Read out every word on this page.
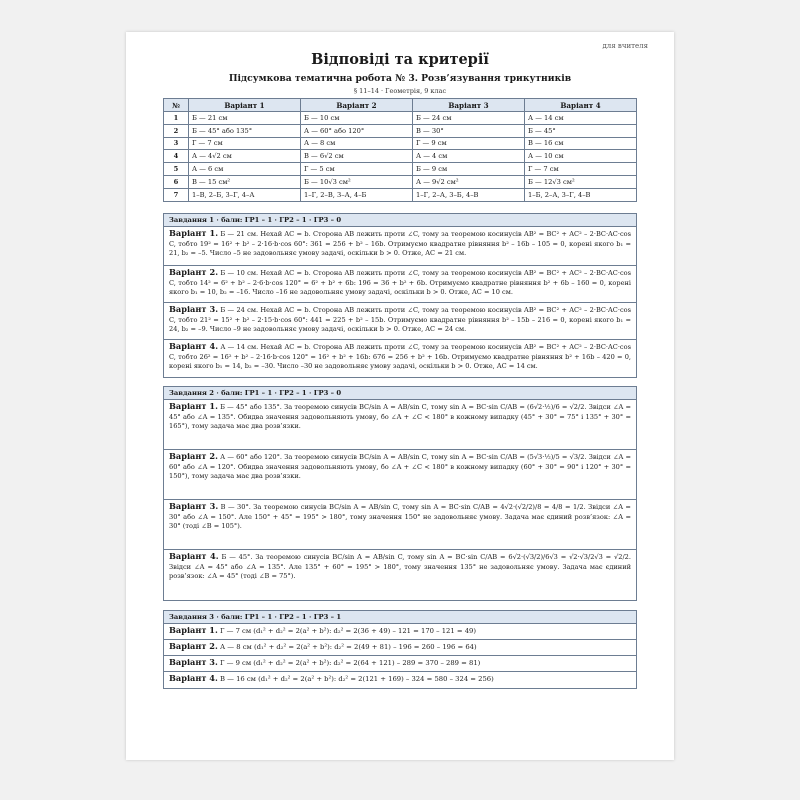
для вчителя
Відповіді та критерії
Підсумкова тематична робота № 3. Розв’язування трикутників
§ 11–14 · Геометрія, 9 клас
№	Варіант 1	Варіант 2	Варіант 3	Варіант 4
1	Б — 21 см	Б — 10 см	Б — 24 см	А — 14 см
2	Б — 45° або 135°	А — 60° або 120°	В — 30°	Б — 45°
3	Г — 7 см	А — 8 см	Г — 9 см	В — 16 см
4	А — 4√2 см	В — 6√2 см	А — 4 см	А — 10 см
5	А — 6 см	Г — 5 см	Б — 9 см	Г — 7 см
6	В — 15 см²	Б — 10√3 см²	А — 9√2 см²	Б — 12√3 см²
7	1–В, 2–Б, 3–Г, 4–А	1–Г, 2–В, 3–А, 4–Б	1–Г, 2–А, 3–Б, 4–В	1–Б, 2–А, 3–Г, 4–В
Завдання 1 · бали: ГР1 – 1 · ГР2 – 1 · ГР3 – 0
Варіант 1. Б — 21 см. Нехай AC = b. Сторона AB лежить проти ∠C, тому за теоремою косинусів AB² = BC² + AC² – 2·BC·AC·cos C, тобто 19² = 16² + b² – 2·16·b·cos 60°: 361 = 256 + b² – 16b. Отримуємо квадратне рівняння b² – 16b – 105 = 0, корені якого b₁ = 21, b₂ = –5. Число –5 не задовольняє умову задачі, оскільки b > 0. Отже, AC = 21 см.
Варіант 2. Б — 10 см. Нехай AC = b. Сторона AB лежить проти ∠C, тому за теоремою косинусів AB² = BC² + AC² – 2·BC·AC·cos C, тобто 14² = 6² + b² – 2·6·b·cos 120° = 6² + b² + 6b: 196 = 36 + b² + 6b. Отримуємо квадратне рівняння b² + 6b – 160 = 0, корені якого b₁ = 10, b₂ = –16. Число –16 не задовольняє умову задачі, оскільки b > 0. Отже, AC = 10 см.
Варіант 3. Б — 24 см. Нехай AC = b. Сторона AB лежить проти ∠C, тому за теоремою косинусів AB² = BC² + AC² – 2·BC·AC·cos C, тобто 21² = 15² + b² – 2·15·b·cos 60°: 441 = 225 + b² – 15b. Отримуємо квадратне рівняння b² – 15b – 216 = 0, корені якого b₁ = 24, b₂ = –9. Число –9 не задовольняє умову задачі, оскільки b > 0. Отже, AC = 24 см.
Варіант 4. А — 14 см. Нехай AC = b. Сторона AB лежить проти ∠C, тому за теоремою косинусів AB² = BC² + AC² – 2·BC·AC·cos C, тобто 26² = 16² + b² – 2·16·b·cos 120° = 16² + b² + 16b: 676 = 256 + b² + 16b. Отримуємо квадратне рівняння b² + 16b – 420 = 0, корені якого b₁ = 14, b₂ = –30. Число –30 не задовольняє умову задачі, оскільки b > 0. Отже, AC = 14 см.
Завдання 2 · бали: ГР1 – 1 · ГР2 – 1 · ГР3 – 0
Варіант 1. Б — 45° або 135°. За теоремою синусів BC/sin A = AB/sin C, тому sin A = BC·sin C/AB = (6√2·½)/6 = √2/2. Звідси ∠A = 45° або ∠A = 135°. Обидва значення задовольняють умову, бо ∠A + ∠C < 180° в кожному випадку (45° + 30° = 75° і 135° + 30° = 165°), тому задача має два розв’язки.
Варіант 2. А — 60° або 120°. За теоремою синусів BC/sin A = AB/sin C, тому sin A = BC·sin C/AB = (5√3·½)/5 = √3/2. Звідси ∠A = 60° або ∠A = 120°. Обидва значення задовольняють умову, бо ∠A + ∠C < 180° в кожному випадку (60° + 30° = 90° і 120° + 30° = 150°), тому задача має два розв’язки.
Варіант 3. В — 30°. За теоремою синусів BC/sin A = AB/sin C, тому sin A = BC·sin C/AB = 4√2·(√2/2)/8 = 4/8 = 1/2. Звідси ∠A = 30° або ∠A = 150°. Але 150° + 45° = 195° > 180°, тому значення 150° не задовольняє умову. Задача має єдиний розв’язок: ∠A = 30° (тоді ∠B = 105°).
Варіант 4. Б — 45°. За теоремою синусів BC/sin A = AB/sin C, тому sin A = BC·sin C/AB = 6√2·(√3/2)/6√3 = √2·√3/2√3 = √2/2. Звідси ∠A = 45° або ∠A = 135°. Але 135° + 60° = 195° > 180°, тому значення 135° не задовольняє умову. Задача має єдиний розв’язок: ∠A = 45° (тоді ∠B = 75°).
Завдання 3 · бали: ГР1 – 1 · ГР2 – 1 · ГР3 – 1
Варіант 1. Г — 7 см (d₁² + d₂² = 2(a² + b²): d₂² = 2(36 + 49) – 121 = 170 – 121 = 49)
Варіант 2. А — 8 см (d₁² + d₂² = 2(a² + b²): d₂² = 2(49 + 81) – 196 = 260 – 196 = 64)
Варіант 3. Г — 9 см (d₁² + d₂² = 2(a² + b²): d₂² = 2(64 + 121) – 289 = 370 – 289 = 81)
Варіант 4. В — 16 см (d₁² + d₂² = 2(a² + b²): d₂² = 2(121 + 169) – 324 = 580 – 324 = 256)
